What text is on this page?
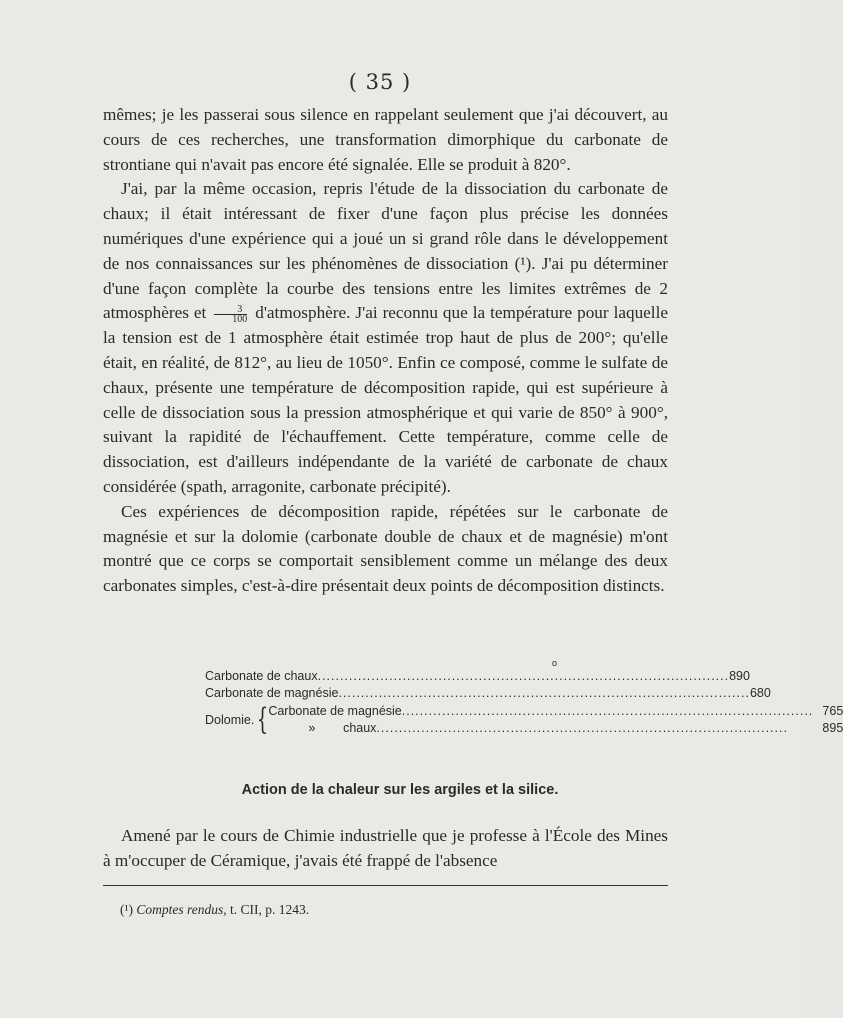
( 35 )

mêmes; je les passerai sous silence en rappelant seulement que j'ai découvert, au cours de ces recherches, une transformation dimorphique du carbonate de strontiane qui n'avait pas encore été signalée. Elle se produit à 820°.

J'ai, par la même occasion, repris l'étude de la dissociation du carbonate de chaux; il était intéressant de fixer d'une façon plus précise les données numériques d'une expérience qui a joué un si grand rôle dans le développement de nos connaissances sur les phénomènes de dissociation (¹). J'ai pu déterminer d'une façon complète la courbe des tensions entre les limites extrêmes de 2 atmosphères et $\frac{3}{100}$ d'atmosphère. J'ai reconnu que la température pour laquelle la tension est de 1 atmosphère était estimée trop haut de plus de 200°; qu'elle était, en réalité, de 812°, au lieu de 1050°. Enfin ce composé, comme le sulfate de chaux, présente une température de décomposition rapide, qui est supérieure à celle de dissociation sous la pression atmosphérique et qui varie de 850° à 900°, suivant la rapidité de l'échauffement. Cette température, comme celle de dissociation, est d'ailleurs indépendante de la variété de carbonate de chaux considérée (spath, arragonite, carbonate précipité).

Ces expériences de décomposition rapide, répétées sur le carbonate de magnésie et sur la dolomie (carbonate double de chaux et de magnésie) m'ont montré que ce corps se comportait sensiblement comme un mélange des deux carbonates simples, c'est-à-dire présentait deux points de décomposition distincts.

o
Carbonate de chaux .....	890
Carbonate de magnésie .....	680
Dolomie. { Carbonate de magnésie .....	765
»        chaux .....	895
Action de la chaleur sur les argiles et la silice.

Amené par le cours de Chimie industrielle que je professe à l'École des Mines à m'occuper de Céramique, j'avais été frappé de l'absence

(¹) Comptes rendus, t. CII, p. 1243.
